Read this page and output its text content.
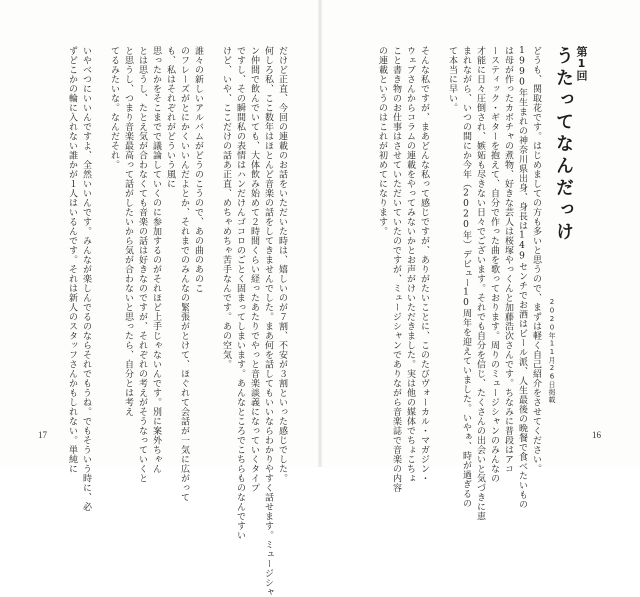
第1回
うたってなんだっけ
2020年11月26日掲載
どうも、関取花です。はじめましての方も多いと思うので、まずは軽く自己紹介をさせてください。
1990年生まれの神奈川県出身、身長は149センチでお酒はビール派、人生最後の晩餐で食べたいもの
は母が作ったカボチャの煮物、好きな芸人は桜塚やっくんと加藤浩次さんです。ちなみに普段はアコ
ースティック・ギターを抱えて、自分で作った曲を歌っております。周りのミュージシャンのみんなの
才能に日々圧倒され、嫉妬も尽きない日々でございます。それでも自分を信じ、たくさんの出会いと気づきに恵
まれながら、いつの間にか今年（2020年）デビュー10周年を迎えていました。いやぁ、時が過ぎるの
て本当に早い。
そんな私ですが、まあどんな私って感じですが、ありがたいことに、このたびヴォーカル・マガジン・
ウェブさんからコラムの連載をやってみないかとお声がけいただきました。実は他の媒体でちょこちょ
こと書き物のお仕事はさせていただいていたのですが、ミュージシャンでありながら音楽誌で音楽の内容
の連載というのはこれが初めてになります。
16
だけど正直、今回の連載のお話をいただいた時は、嬉しいのが７割、不安が３割といった感じでした。
何しろ私、ここ数年はほとんど音楽の話をしてきませんでした。まあ何を話してもいいならわかりやすく話せます。ミュージシャ
ン仲間で飲んでいても、大体飲み始めて２時間くらい経ったあたりでやっと音楽談義になっていくタイプ
ですし、その瞬間私の表情はハンだけんゴコロのごとく固まってしまいます。あんなところでこちらものなんですい
けど、いや、ここだけの話あ正直、めちゃめちゃ苦手なんです。あの空気。
誰々の新しいアルバムがどうのこうので、あの曲のあのこ
のフレーズがとにかくいいんだよとか、それまでのみんなの緊張がとけて、ほぐれて会話が一気に広がって
も、私はそれぞれがどういう風に
思ったかをそこまでで議論していくのに参加するのがそれほど上手じゃないんです。別に案外ちゃん
とは思うし、たとえ気が合わなくても音楽の話は好きなのですが、それぞれの考えがそうなっていくと
と思うし、つまり音楽最高って話がしたいから気が合わないと思ったら、自分とは考え
てるみたいな。なんだそれ。
いやべつにいいんですよ、全然いいんです。みんなが楽しんでるのならそれでもうね。でもそういう時に、必
ずどこかの輪に入れない誰かが１人はいるんです。それは新人のスタッフさんかもしれない。単純に
17
